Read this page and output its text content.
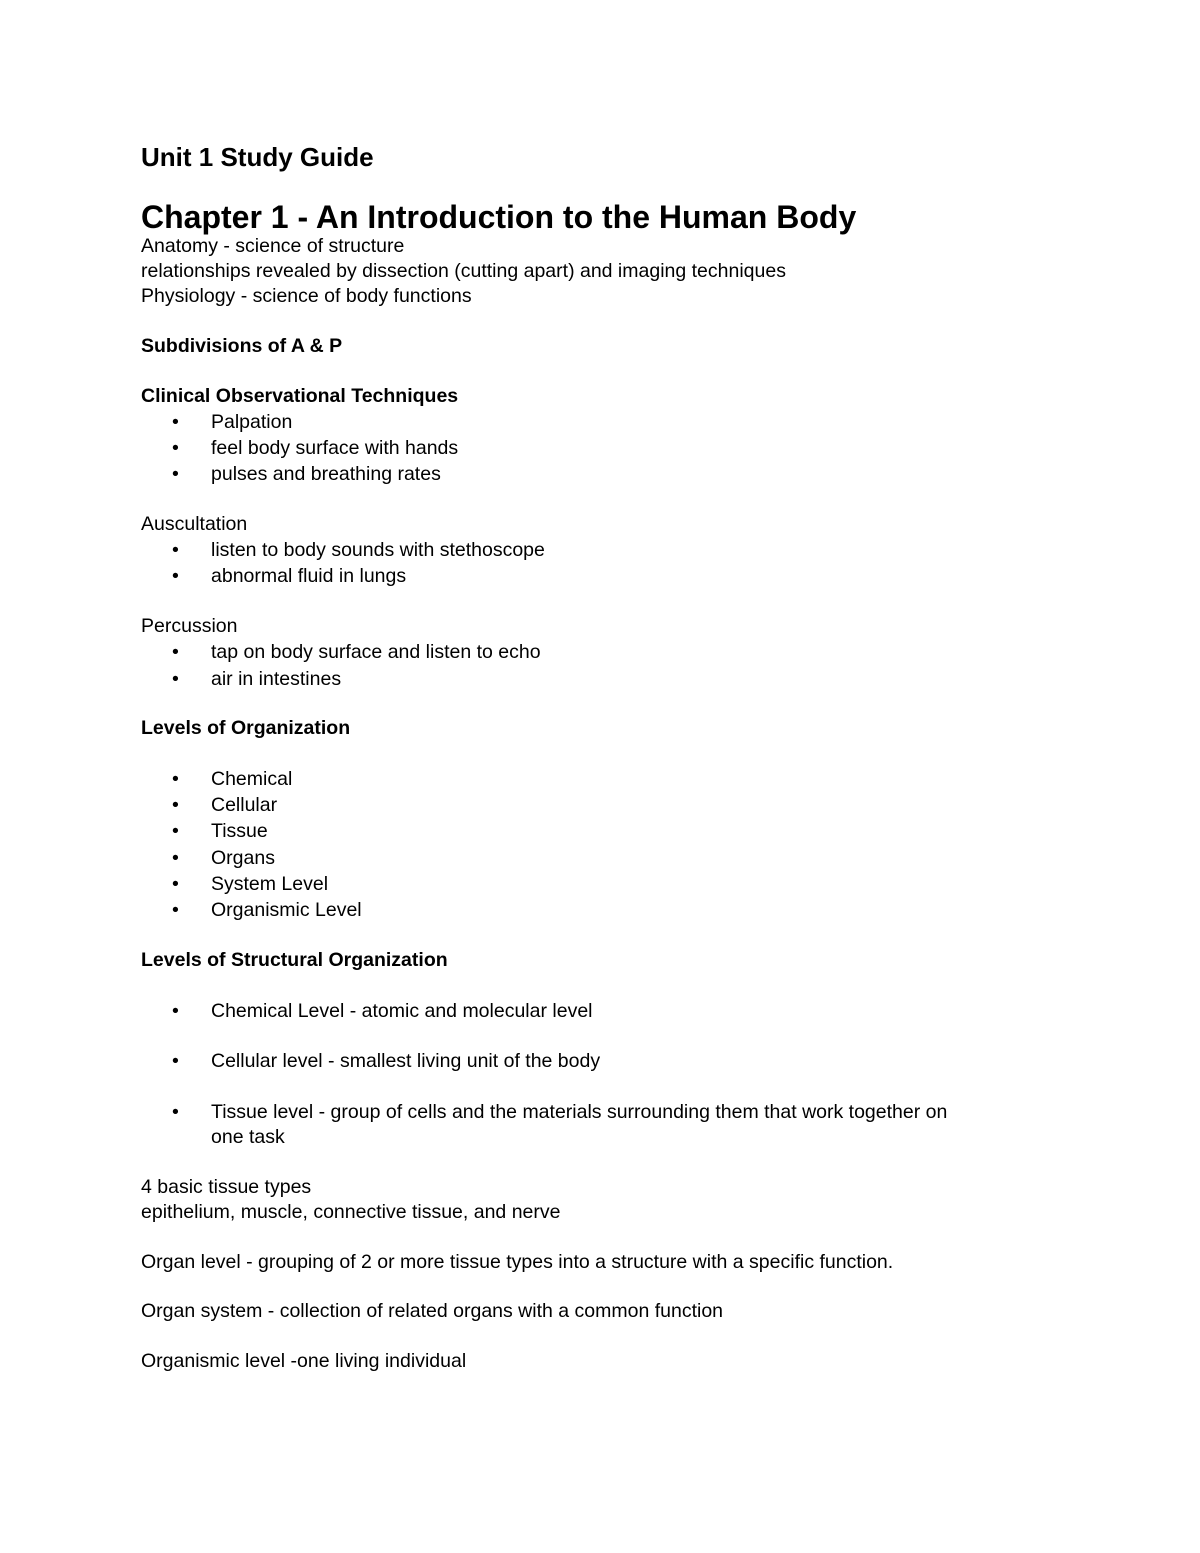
Unit 1 Study Guide
Chapter 1 - An Introduction to the Human Body
Anatomy - science of structure
relationships revealed by dissection (cutting apart) and imaging techniques
Physiology - science of body functions
Subdivisions of A & P
Clinical Observational Techniques
• Palpation
• feel body surface with hands
• pulses and breathing rates
Auscultation
• listen to body sounds with stethoscope
• abnormal fluid in lungs
Percussion
• tap on body surface and listen to echo
• air in intestines
Levels of Organization
• Chemical
• Cellular
• Tissue
• Organs
• System Level
• Organismic Level
Levels of Structural Organization
• Chemical Level - atomic and molecular level
• Cellular level - smallest living unit of the body
• Tissue level - group of cells and the materials surrounding them that work together on
one task
4 basic tissue types
epithelium, muscle, connective tissue, and nerve
Organ level - grouping of 2 or more tissue types into a structure with a specific function.
Organ system - collection of related organs with a common function
Organismic level -one living individual
